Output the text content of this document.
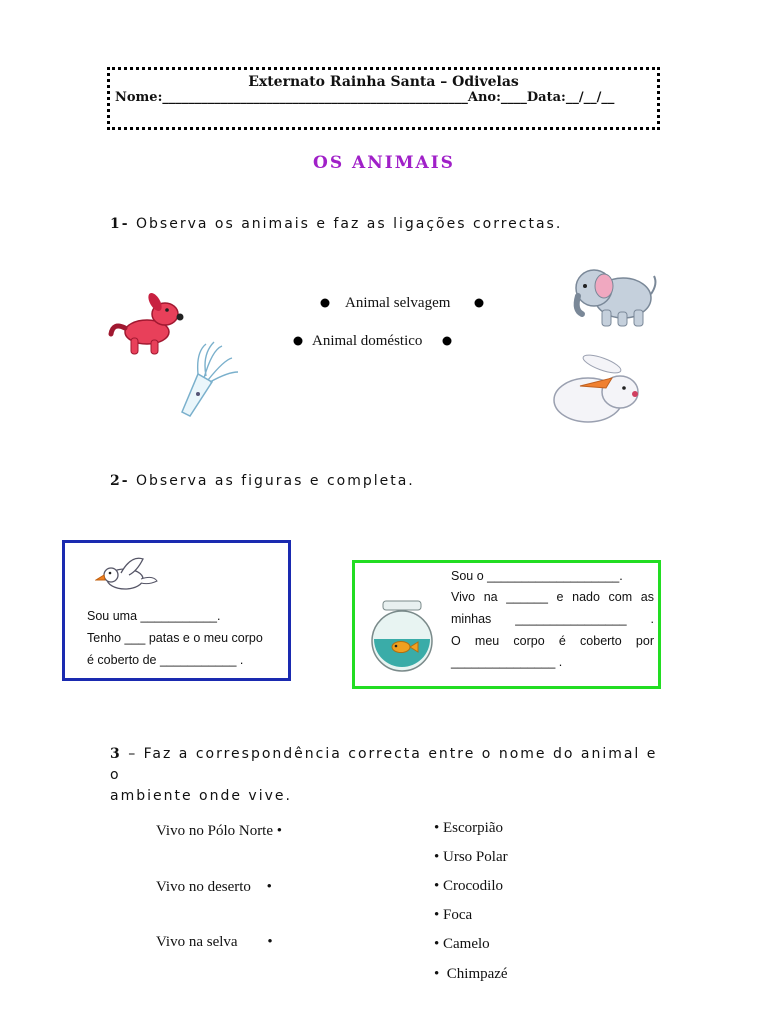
Externato Rainha Santa – Odivelas
Nome:_______________________________________________Ano:____Data:__/__/__
OS ANIMAIS
1- Observa os animais e faz as ligações correctas.
Animal selvagem
Animal doméstico
2- Observa as figuras e completa.
Sou uma ___________.
Tenho ___ patas e o meu corpo
é coberto de ___________ .
Sou o ___________________.
Vivo na ______ e nado com as
minhas ________________ .
O meu corpo é coberto por
_______________ .
3 – Faz a correspondência correcta entre o nome do animal e o
ambiente onde vive.
Vivo no Pólo Norte •
Vivo no deserto •
Vivo na selva •
• Escorpião
• Urso Polar
• Crocodilo
• Foca
• Camelo
• Chimpazé
